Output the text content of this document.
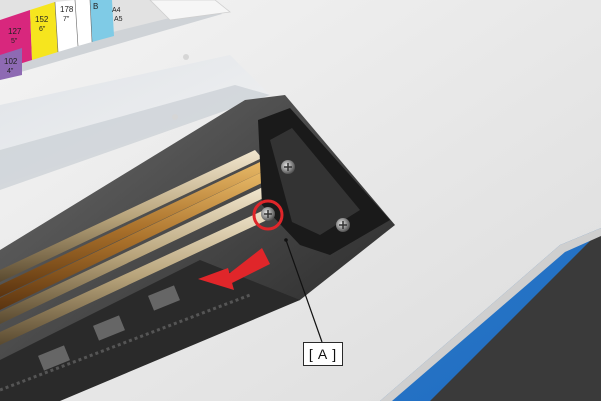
127
5"
152
6"
178
7"
B A4
A5
102
4"
[ A ]
